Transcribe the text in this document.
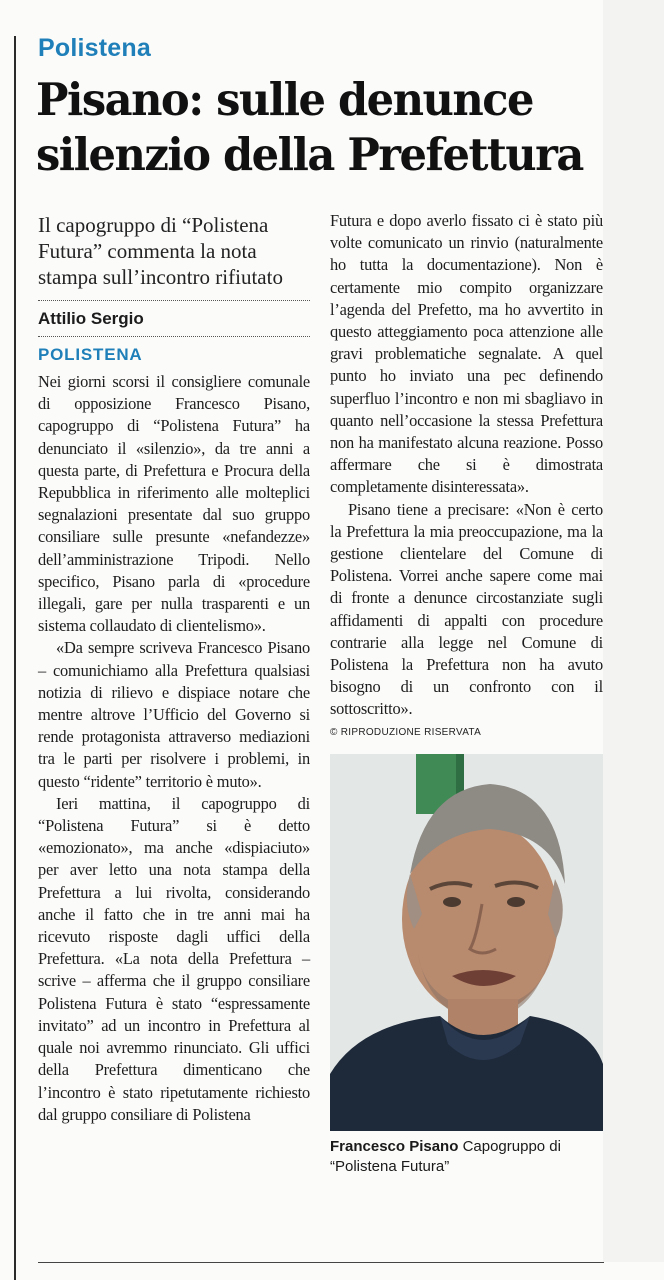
Polistena
Pisano: sulle denunce silenzio della Prefettura
Il capogruppo di “Polistena Futura” commenta la nota stampa sull’incontro rifiutato
Attilio Sergio
POLISTENA

Nei giorni scorsi il consigliere comunale di opposizione Francesco Pisano, capogruppo di “Polistena Futura” ha denunciato il «silenzio», da tre anni a questa parte, di Prefettura e Procura della Repubblica in riferimento alle molteplici segnalazioni presentate dal suo gruppo consiliare sulle presunte «nefandezze» dell’amministrazione Tripodi. Nello specifico, Pisano parla di «procedure illegali, gare per nulla trasparenti e un sistema collaudato di clientelismo».

«Da sempre scriveva Francesco Pisano – comunichiamo alla Prefettura qualsiasi notizia di rilievo e dispiace notare che mentre altrove l’Ufficio del Governo si rende protagonista attraverso mediazioni tra le parti per risolvere i problemi, in questo “ridente” territorio è muto».

Ieri mattina, il capogruppo di “Polistena Futura” si è detto «emozionato», ma anche «dispiaciuto» per aver letto una nota stampa della Prefettura a lui rivolta, considerando anche il fatto che in tre anni mai ha ricevuto risposte dagli uffici della Prefettura. «La nota della Prefettura – scrive – afferma che il gruppo consiliare Polistena Futura è stato “espressamente invitato” ad un incontro in Prefettura al quale noi avremmo rinunciato. Gli uffici della Prefettura dimenticano che l’incontro è stato ripetutamente richiesto dal gruppo consiliare di Polistena

Futura e dopo averlo fissato ci è stato più volte comunicato un rinvio (naturalmente ho tutta la documentazione). Non è certamente mio compito organizzare l’agenda del Prefetto, ma ho avvertito in questo atteggiamento poca attenzione alle gravi problematiche segnalate. A quel punto ho inviato una pec definendo superfluo l’incontro e non mi sbagliavo in quanto nell’occasione la stessa Prefettura non ha manifestato alcuna reazione. Posso affermare che si è dimostrata completamente disinteressata».

Pisano tiene a precisare: «Non è certo la Prefettura la mia preoccupazione, ma la gestione clientelare del Comune di Polistena. Vorrei anche sapere come mai di fronte a denunce circostanziate sugli affidamenti di appalti con procedure contrarie alla legge nel Comune di Polistena la Prefettura non ha avuto bisogno di un confronto con il sottoscritto».

© RIPRODUZIONE RISERVATA
Francesco Pisano Capogruppo di “Polistena Futura”
